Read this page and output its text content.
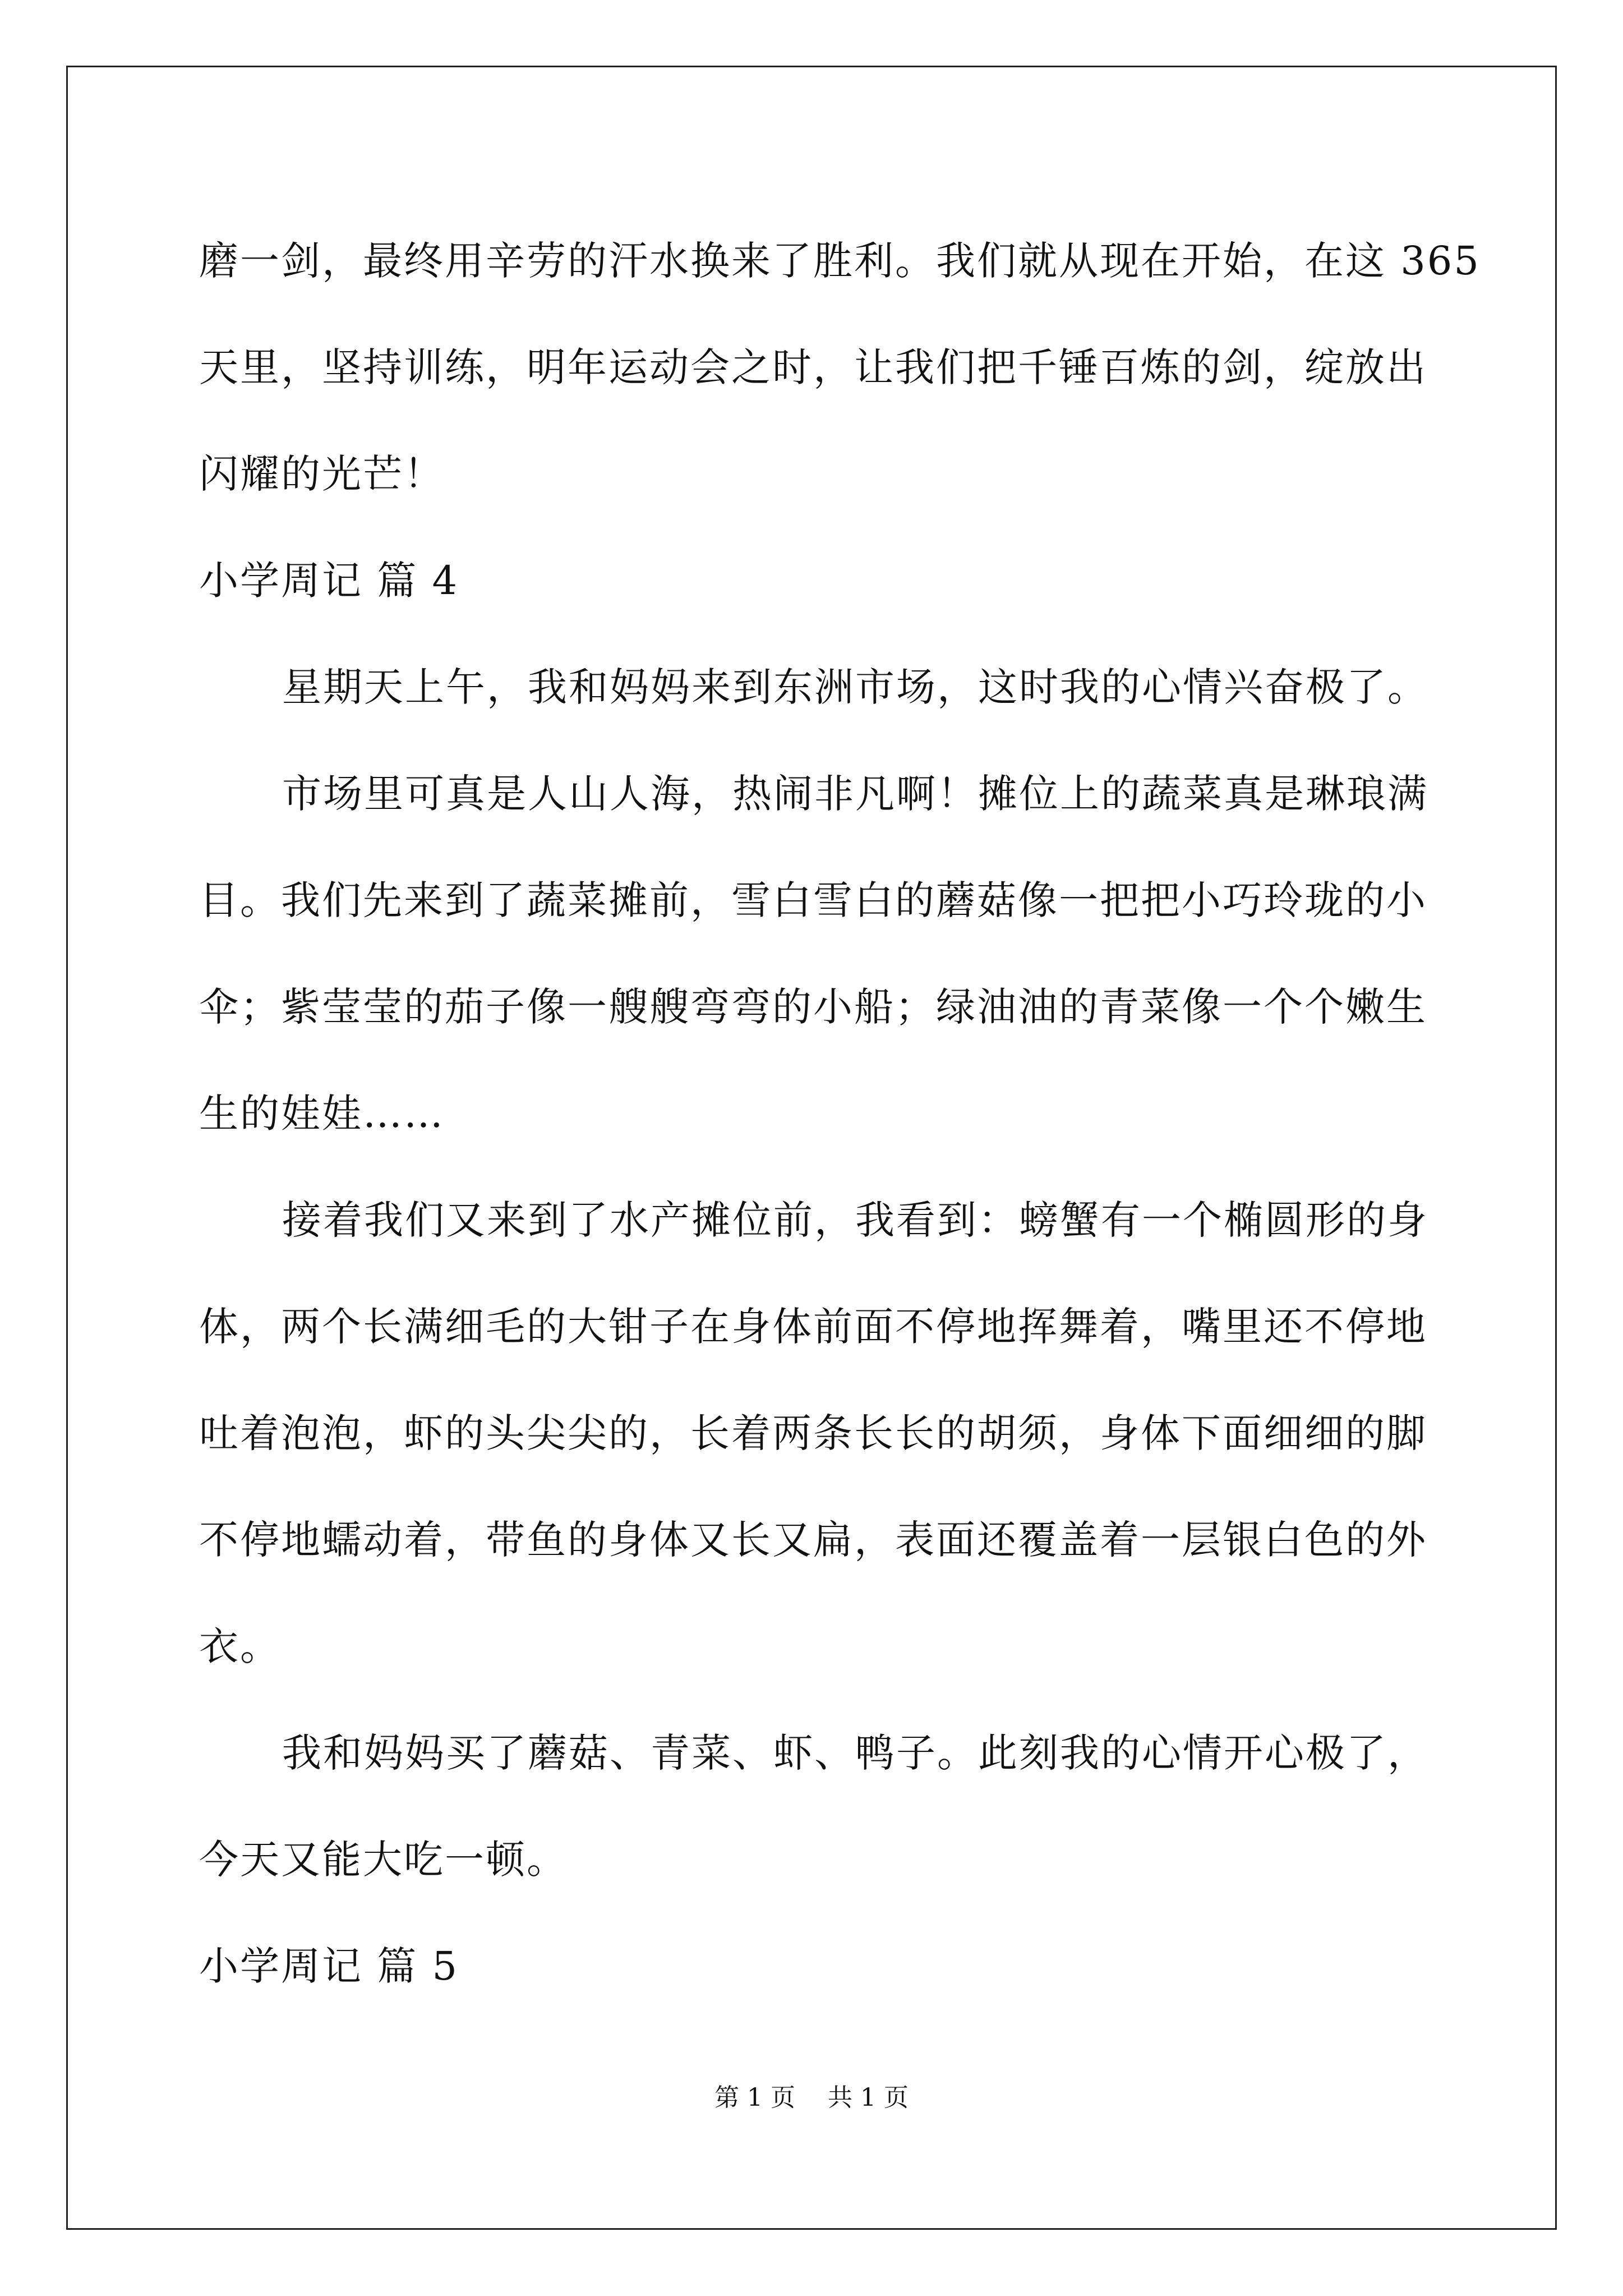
磨一剑，最终用辛劳的汗水换来了胜利。我们就从现在开始，在这 365
天里，坚持训练，明年运动会之时，让我们把千锤百炼的剑，绽放出
闪耀的光芒！
小学周记 篇 4
星期天上午，我和妈妈来到东洲市场，这时我的心情兴奋极了。
市场里可真是人山人海，热闹非凡啊！摊位上的蔬菜真是琳琅满
目。我们先来到了蔬菜摊前，雪白雪白的蘑菇像一把把小巧玲珑的小
伞；紫莹莹的茄子像一艘艘弯弯的小船；绿油油的青菜像一个个嫩生
生的娃娃……
接着我们又来到了水产摊位前，我看到：螃蟹有一个椭圆形的身
体，两个长满细毛的大钳子在身体前面不停地挥舞着，嘴里还不停地
吐着泡泡，虾的头尖尖的，长着两条长长的胡须，身体下面细细的脚
不停地蠕动着，带鱼的身体又长又扁，表面还覆盖着一层银白色的外
衣。
我和妈妈买了蘑菇、青菜、虾、鸭子。此刻我的心情开心极了，
今天又能大吃一顿。
小学周记 篇 5
第 1 页 共 1 页
